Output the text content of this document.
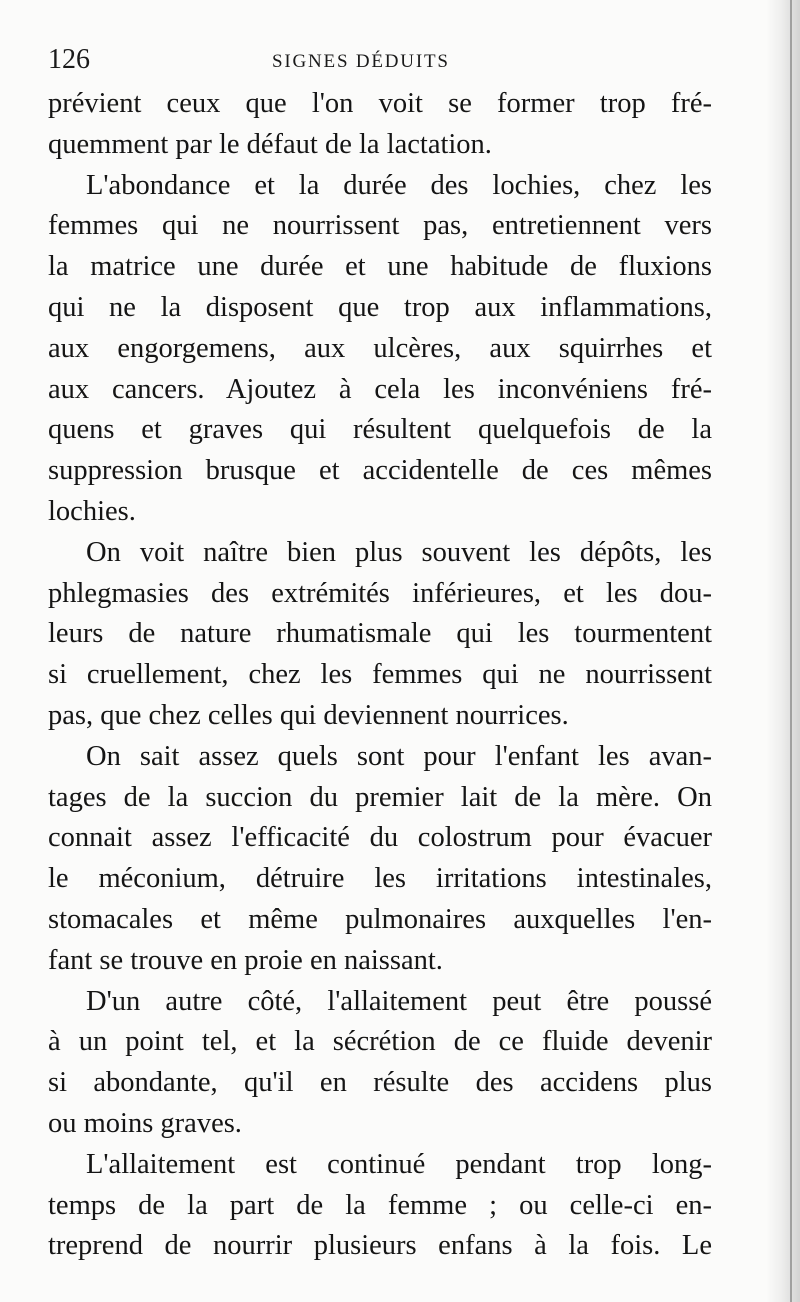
126	SIGNES DÉDUITS
prévient ceux que l'on voit se former trop fré-
quemment par le défaut de la lactation.
L'abondance et la durée des lochies, chez les
femmes qui ne nourrissent pas, entretiennent vers
la matrice une durée et une habitude de fluxions
qui ne la disposent que trop aux inflammations,
aux engorgemens, aux ulcères, aux squirrhes et
aux cancers. Ajoutez à cela les inconvéniens fré-
quens et graves qui résultent quelquefois de la
suppression brusque et accidentelle de ces mêmes
lochies.
On voit naître bien plus souvent les dépôts, les
phlegmasies des extrémités inférieures, et les dou-
leurs de nature rhumatismale qui les tourmentent
si cruellement, chez les femmes qui ne nourrissent
pas, que chez celles qui deviennent nourrices.
On sait assez quels sont pour l'enfant les avan-
tages de la succion du premier lait de la mère. On
connait assez l'efficacité du colostrum pour évacuer
le méconium, détruire les irritations intestinales,
stomacales et même pulmonaires auxquelles l'en-
fant se trouve en proie en naissant.
D'un autre côté, l'allaitement peut être poussé
à un point tel, et la sécrétion de ce fluide devenir
si abondante, qu'il en résulte des accidens plus
ou moins graves.
L'allaitement est continué pendant trop long-
temps de la part de la femme ; ou celle-ci en-
treprend de nourrir plusieurs enfans à la fois. Le
